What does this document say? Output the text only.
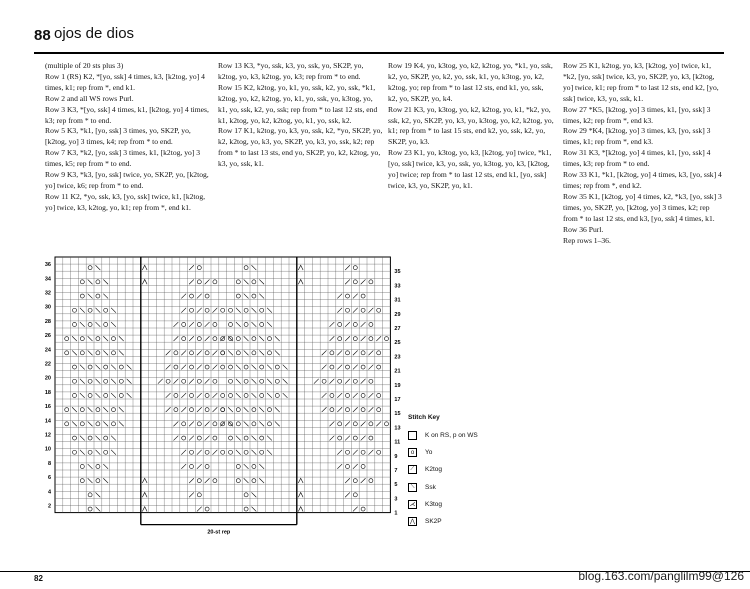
88 ojos de dios

(multiple of 20 sts plus 3)

Row 1 (RS) K2, *[yo, ssk] 4 times, k3, [k2tog, yo] 4 times, k1; rep from *, end k1.

Row 2 and all WS rows Purl.

Row 3 K3, *[yo, ssk] 4 times, k1, [k2tog, yo] 4 times, k3; rep from * to end.

Row 5 K3, *k1, [yo, ssk] 3 times, yo, SK2P, yo, [k2tog, yo] 3 times, k4; rep from * to end.

Row 7 K3, *k2, [yo, ssk] 3 times, k1, [k2tog, yo] 3 times, k5; rep from * to end.

Row 9 K3, *k3, [yo, ssk] twice, yo, SK2P, yo, [k2tog, yo] twice, k6; rep from * to end.

Row 11 K2, *yo, ssk, k3, [yo, ssk] twice, k1, [k2tog, yo] twice, k3, k2tog, yo, k1; rep from *, end k1.

Row 13 K3, *yo, ssk, k3, yo, ssk, yo, SK2P, yo, k2tog, yo, k3, k2tog, yo, k3; rep from * to end.

Row 15 K2, k2tog, yo, k1, yo, ssk, k2, yo, ssk, *k1, k2tog, yo, k2, k2tog, yo, k1, yo, ssk, yo, k3tog, yo, k1, yo, ssk, k2, yo, ssk; rep from * to last 12 sts, end k1, k2tog, yo, k2, k2tog, yo, k1, yo, ssk, k2.

Row 17 K1, k2tog, yo, k3, yo, ssk, k2, *yo, SK2P, yo, k2, k2tog, yo, k3, yo, SK2P, yo, k3, yo, ssk, k2; rep from * to last 13 sts, end yo, SK2P, yo, k2, k2tog, yo, k3, yo, ssk, k1.

Row 19 K4, yo, k3tog, yo, k2, k2tog, yo, *k1, yo, ssk, k2, yo, SK2P, yo, k2, yo, ssk, k1, yo, k3tog, yo, k2, k2tog, yo; rep from * to last 12 sts, end k1, yo, ssk, k2, yo, SK2P, yo, k4.

Row 21 K3, yo, k3tog, yo, k2, k2tog, yo, k1, *k2, yo, ssk, k2, yo, SK2P, yo, k3, yo, k3tog, yo, k2, k2tog, yo, k1; rep from * to last 15 sts, end k2, yo, ssk, k2, yo, SK2P, yo, k3.

Row 23 K1, yo, k3tog, yo, k3, [k2tog, yo] twice, *k1, [yo, ssk] twice, k3, yo, ssk, yo, k3tog, yo, k3, [k2tog, yo] twice; rep from * to last 12 sts, end k1, [yo, ssk] twice, k3, yo, SK2P, yo, k1.

Row 25 K1, k2tog, yo, k3, [k2tog, yo] twice, k1, *k2, [yo, ssk] twice, k3, yo, SK2P, yo, k3, [k2tog, yo] twice, k1; rep from * to last 12 sts, end k2, [yo, ssk] twice, k3, yo, ssk, k1.

Row 27 *K5, [k2tog, yo] 3 times, k1, [yo, ssk] 3 times, k2; rep from *, end k3.

Row 29 *K4, [k2tog, yo] 3 times, k3, [yo, ssk] 3 times, k1; rep from *, end k3.

Row 31 K3, *[k2tog, yo] 4 times, k1, [yo, ssk] 4 times, k3; rep from * to end.

Row 33 K1, *k1, [k2tog, yo] 4 times, k3, [yo, ssk] 4 times; rep from *, end k2.

Row 35 K1, [k2tog, yo] 4 times, k2, *k3, [yo, ssk] 3 times, yo, SK2P, yo, [k2tog, yo] 3 times, k2; rep from * to last 12 sts, end k3, [yo, ssk] 4 times, k1.

Row 36 Purl.

Rep rows 1–36.

36
34
32
30
28
26
24
22
20
18
16
14
12
10
8
6
4
2
35
33
31
29
27
25
23
21
19
17
15
13
11
9
7
5
3
1
20-st rep
Stitch Key
K on RS, p on WS
o	Yo
⟋	K2tog
⟍	Ssk
⋌ K3tog
⋀	SK2P
82	blog.163.com/panglilm99@126
